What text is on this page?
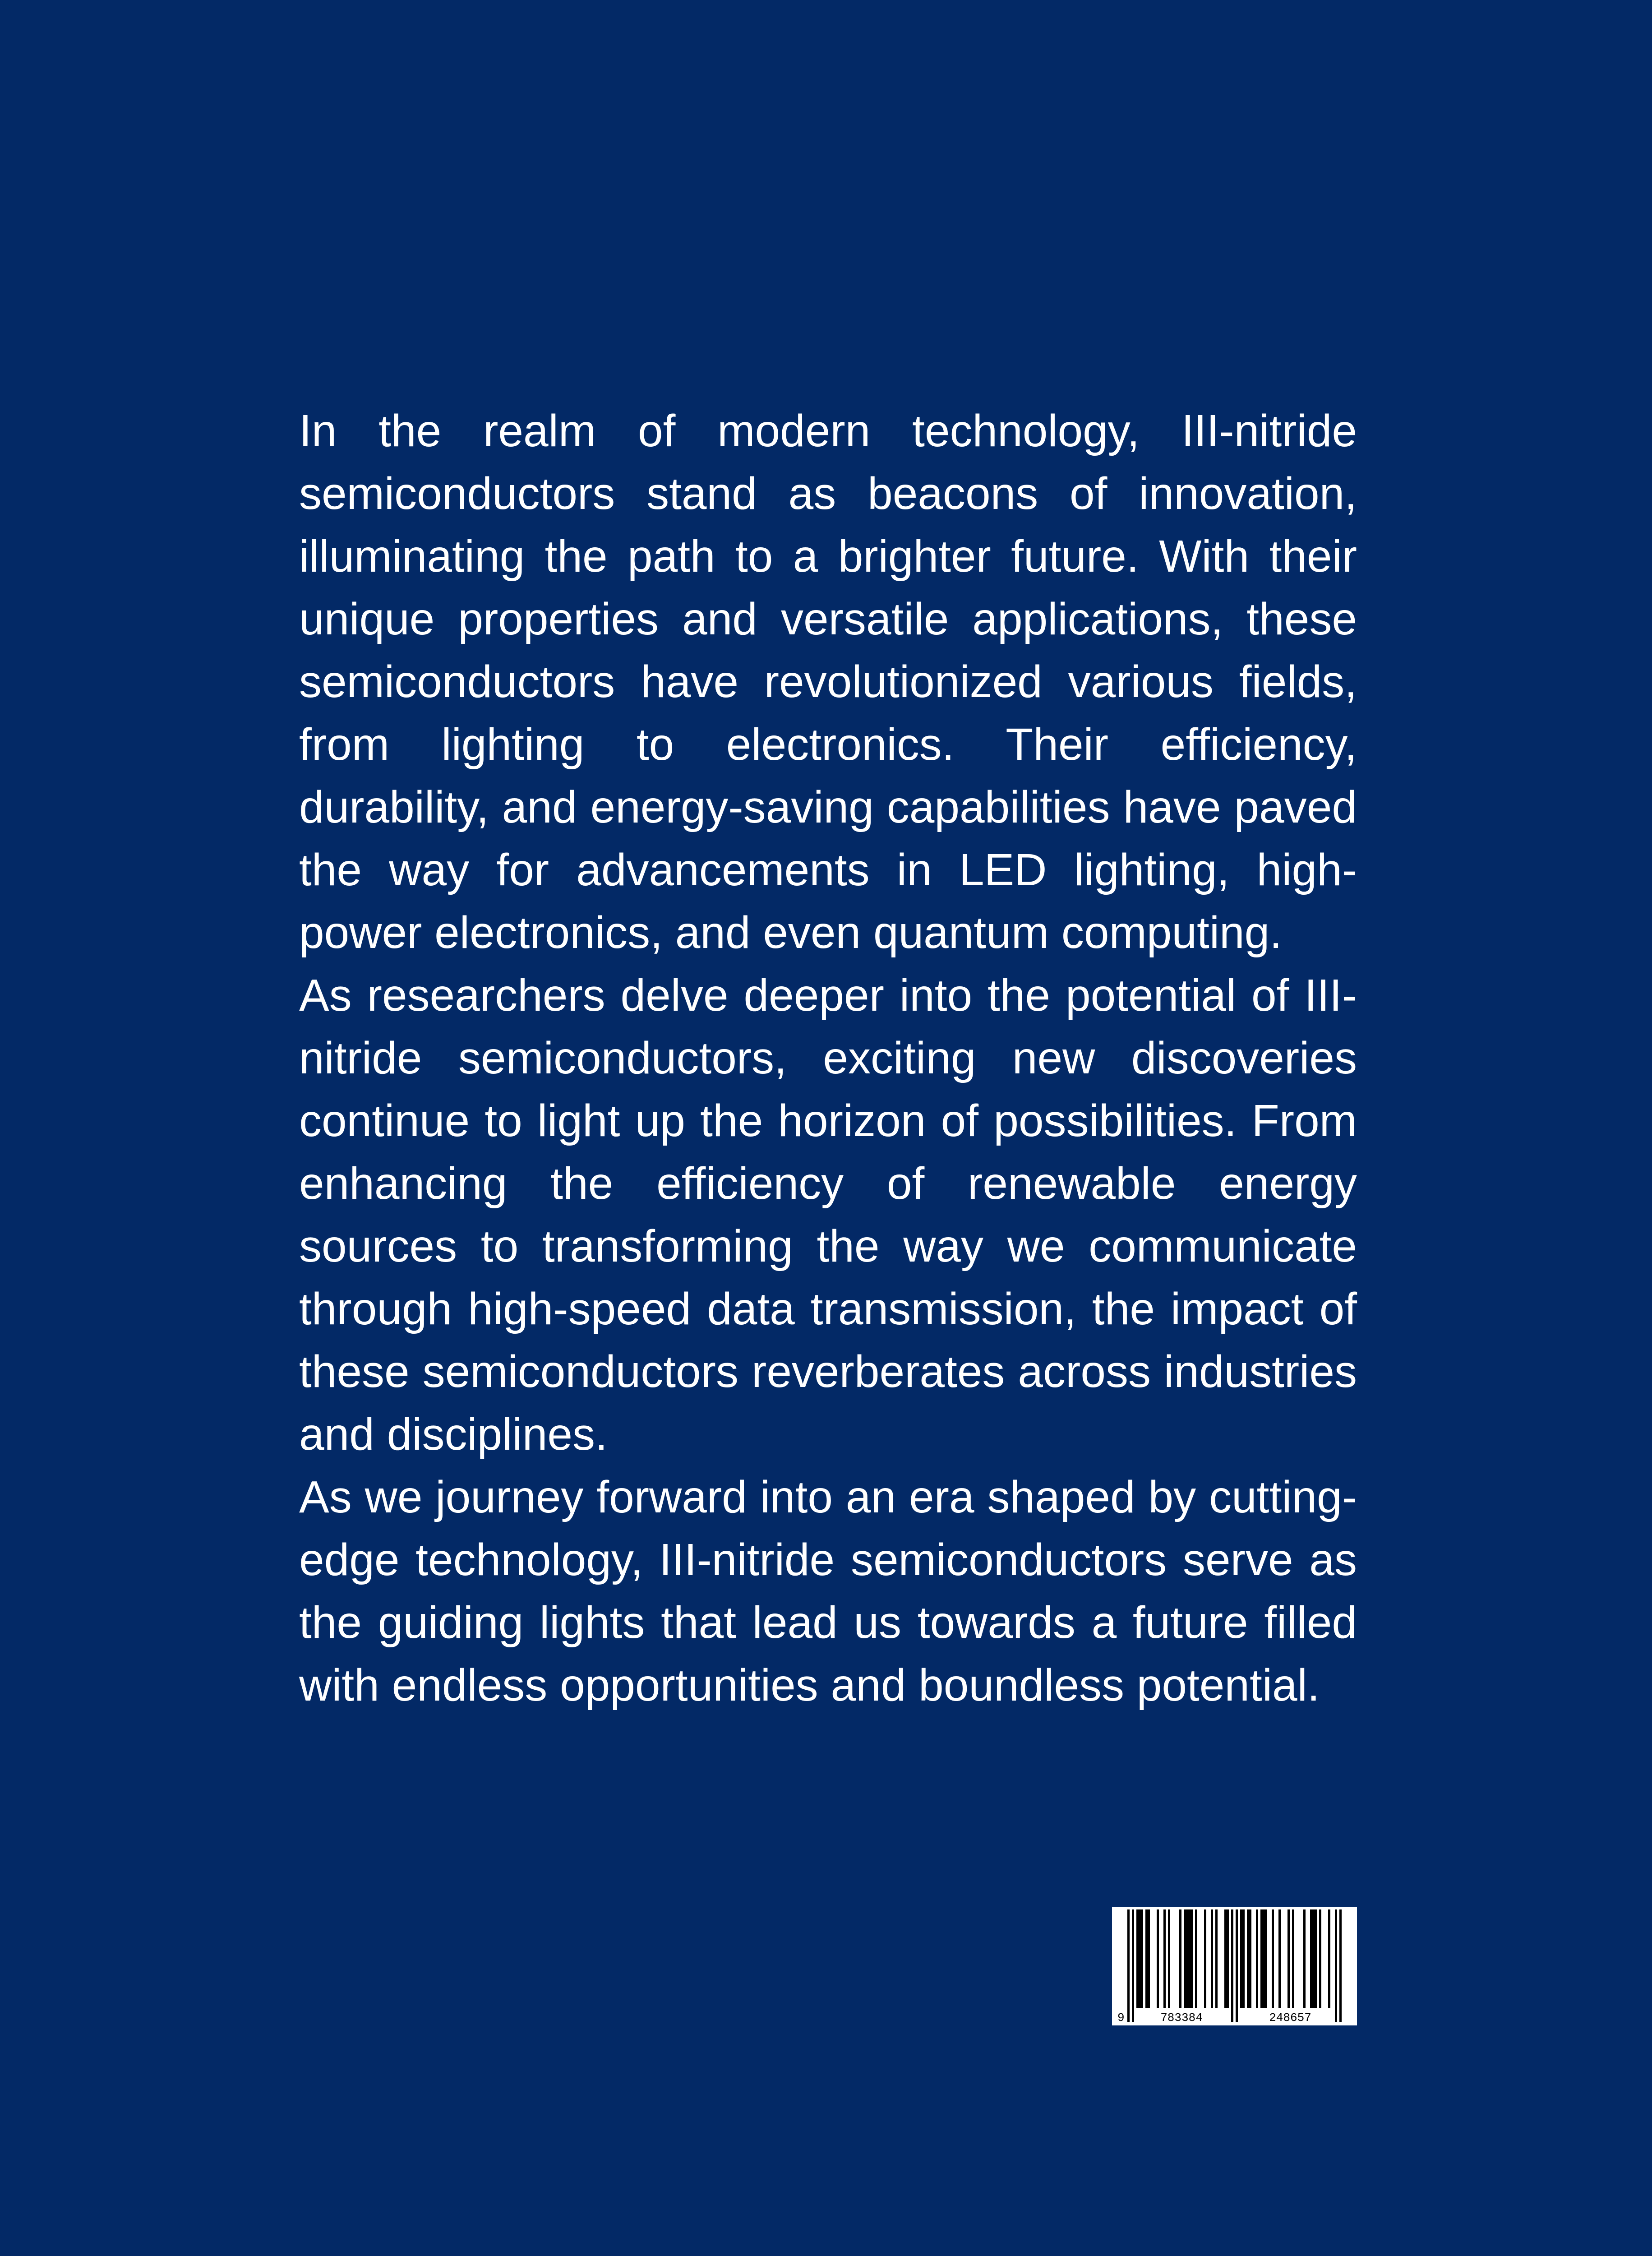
In the realm of modern technology, III-nitride semiconductors stand as beacons of innovation, illuminating the path to a brighter future. With their unique properties and versatile applications, these semiconductors have revolutionized various fields, from lighting to electronics. Their efficiency, durability, and energy-saving capabilities have paved the way for advancements in LED lighting, high-power electronics, and even quantum computing.

As researchers delve deeper into the potential of III-nitride semiconductors, exciting new discoveries continue to light up the horizon of possibilities. From enhancing the efficiency of renewable energy sources to transforming the way we communicate through high-speed data transmission, the impact of these semiconductors reverberates across industries and disciplines.

As we journey forward into an era shaped by cutting-edge technology, III-nitride semiconductors serve as the guiding lights that lead us towards a future filled with endless opportunities and boundless potential.

9	783384	248657
